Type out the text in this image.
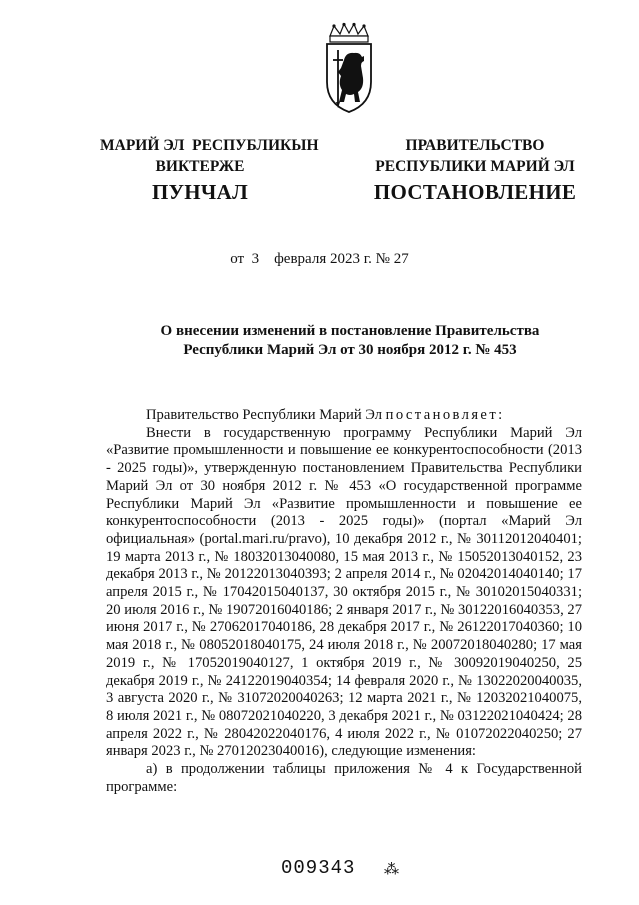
МАРИЙ ЭЛ  РЕСПУБЛИКЫН
ВИКТЕРЖЕ
ПУНЧАЛ
ПРАВИТЕЛЬСТВО
РЕСПУБЛИКИ МАРИЙ ЭЛ
ПОСТАНОВЛЕНИЕ
от  3    февраля 2023 г. № 27
О внесении изменений в постановление Правительства
Республики Марий Эл от 30 ноября 2012 г. № 453

Правительство Республики Марий Эл постановляет:

Внести в государственную программу Республики Марий Эл «Развитие промышленности и повышение ее конкурентоспособности (2013 - 2025 годы)», утвержденную постановлением Правительства Республики Марий Эл от 30 ноября 2012 г. № 453 «О государственной программе Республики Марий Эл «Развитие промышленности и повышение ее конкурентоспособности (2013 - 2025 годы)» (портал «Марий Эл официальная» (portal.mari.ru/pravo), 10 декабря 2012 г., № 30112012040401; 19 марта 2013 г., № 18032013040080, 15 мая 2013 г., № 15052013040152, 23 декабря 2013 г., № 20122013040393; 2 апреля 2014 г., № 02042014040140; 17 апреля 2015 г., № 17042015040137, 30 октября 2015 г., № 30102015040331; 20 июля 2016 г., № 19072016040186; 2 января 2017 г., № 30122016040353, 27 июня 2017 г., № 27062017040186, 28 декабря 2017 г., № 26122017040360; 10 мая 2018 г., № 08052018040175, 24 июля 2018 г., № 20072018040280; 17 мая 2019 г., № 17052019040127, 1 октября 2019 г., № 30092019040250, 25 декабря 2019 г., № 24122019040354; 14 февраля 2020 г., № 13022020040035, 3 августа 2020 г., № 31072020040263; 12 марта 2021 г., № 12032021040075, 8 июля 2021 г., № 08072021040220, 3 декабря 2021 г., № 03122021040424; 28 апреля 2022 г., № 28042022040176, 4 июля 2022 г., № 01072022040250; 27 января 2023 г., № 27012023040016), следующие изменения:

а) в продолжении таблицы приложения № 4 к Государственной программе:

009343 ⁂
